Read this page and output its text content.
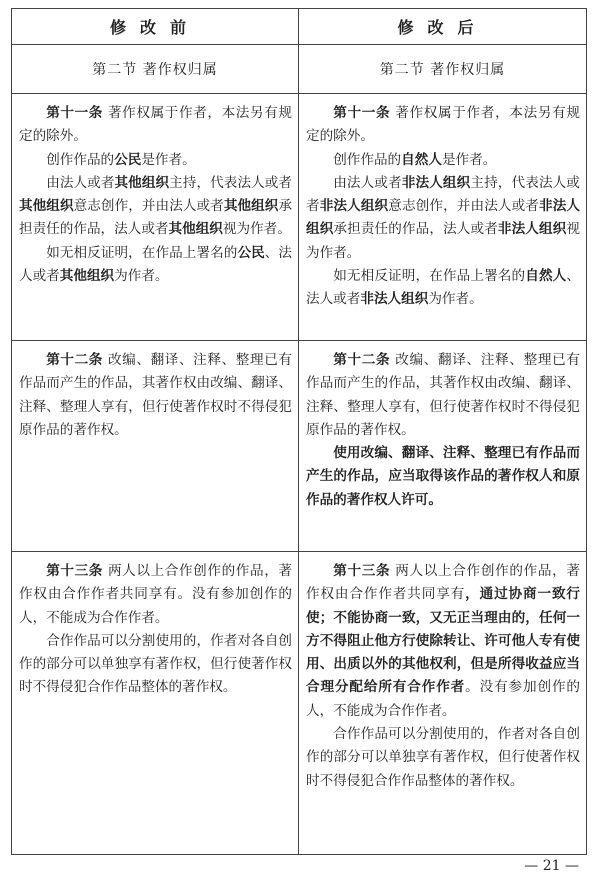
修改前	修改后
第二节 著作权归属	第二节 著作权归属

第十一条 著作权属于作者，本法另有规定的除外。

创作作品的公民是作者。

由法人或者其他组织主持，代表法人或者其他组织意志创作，并由法人或者其他组织承担责任的作品，法人或者其他组织视为作者。

如无相反证明，在作品上署名的公民、法人或者其他组织为作者。

第十一条 著作权属于作者，本法另有规定的除外。

创作作品的自然人是作者。

由法人或者非法人组织主持，代表法人或者非法人组织意志创作，并由法人或者非法人组织承担责任的作品，法人或者非法人组织视为作者。

如无相反证明，在作品上署名的自然人、法人或者非法人组织为作者。

第十二条 改编、翻译、注释、整理已有作品而产生的作品，其著作权由改编、翻译、注释、整理人享有，但行使著作权时不得侵犯原作品的著作权。

第十二条 改编、翻译、注释、整理已有作品而产生的作品，其著作权由改编、翻译、注释、整理人享有，但行使著作权时不得侵犯原作品的著作权。

使用改编、翻译、注释、整理已有作品而产生的作品，应当取得该作品的著作权人和原作品的著作权人许可。

第十三条 两人以上合作创作的作品，著作权由合作作者共同享有。没有参加创作的人，不能成为合作作者。

合作作品可以分割使用的，作者对各自创作的部分可以单独享有著作权，但行使著作权时不得侵犯合作作品整体的著作权。

第十三条 两人以上合作创作的作品，著作权由合作作者共同享有，通过协商一致行使；不能协商一致，又无正当理由的，任何一方不得阻止他方行使除转让、许可他人专有使用、出质以外的其他权利，但是所得收益应当合理分配给所有合作作者。没有参加创作的人，不能成为合作作者。

合作作品可以分割使用的，作者对各自创作的部分可以单独享有著作权，但行使著作权时不得侵犯合作作品整体的著作权。

— 21 —
